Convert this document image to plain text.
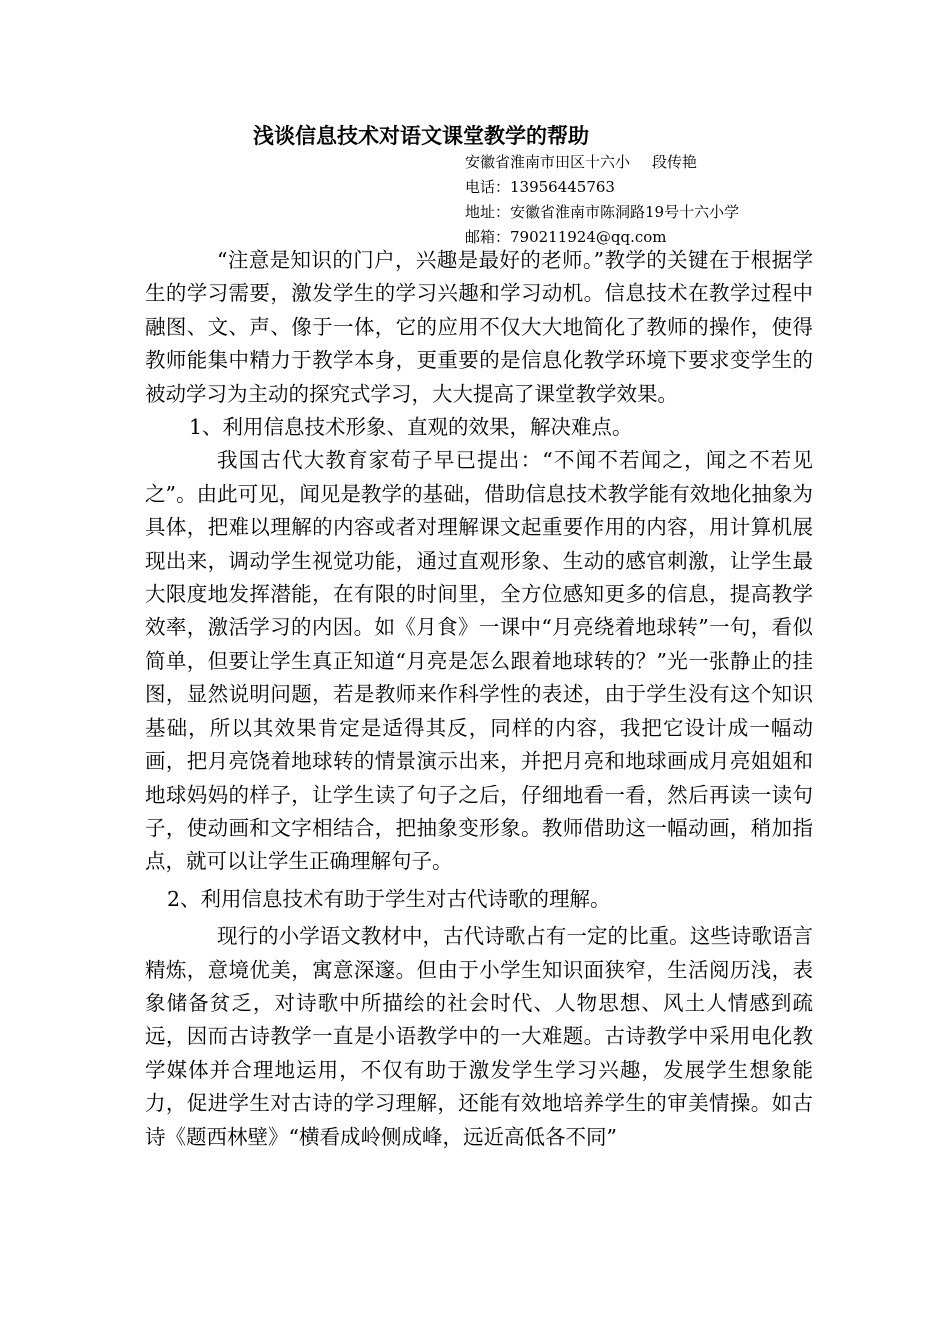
浅谈信息技术对语文课堂教学的帮助
安徽省淮南市田区十六小 段传艳
电话：13956445763
地址：安徽省淮南市陈洞路19号十六小学
邮箱：790211924@qq.com

“注意是知识的门户，兴趣是最好的老师。”教学的关键在于根据学生的学习需要，激发学生的学习兴趣和学习动机。信息技术在教学过程中融图、文、声、像于一体，它的应用不仅大大地简化了教师的操作，使得教师能集中精力于教学本身，更重要的是信息化教学环境下要求变学生的被动学习为主动的探究式学习，大大提高了课堂教学效果。

1、利用信息技术形象、直观的效果，解决难点。

我国古代大教育家荀子早已提出：“不闻不若闻之，闻之不若见之”。由此可见，闻见是教学的基础，借助信息技术教学能有效地化抽象为具体，把难以理解的内容或者对理解课文起重要作用的内容，用计算机展现出来，调动学生视觉功能，通过直观形象、生动的感官刺激，让学生最大限度地发挥潜能，在有限的时间里，全方位感知更多的信息，提高教学效率，激活学习的内因。如《月食》一课中“月亮绕着地球转”一句，看似简单，但要让学生真正知道“月亮是怎么跟着地球转的？”光一张静止的挂图，显然说明问题，若是教师来作科学性的表述，由于学生没有这个知识基础，所以其效果肯定是适得其反，同样的内容，我把它设计成一幅动画，把月亮饶着地球转的情景演示出来，并把月亮和地球画成月亮姐姐和地球妈妈的样子，让学生读了句子之后，仔细地看一看，然后再读一读句子，使动画和文字相结合，把抽象变形象。教师借助这一幅动画，稍加指点，就可以让学生正确理解句子。

2、利用信息技术有助于学生对古代诗歌的理解。

现行的小学语文教材中，古代诗歌占有一定的比重。这些诗歌语言精炼，意境优美，寓意深邃。但由于小学生知识面狭窄，生活阅历浅，表象储备贫乏，对诗歌中所描绘的社会时代、人物思想、风土人情感到疏远，因而古诗教学一直是小语教学中的一大难题。古诗教学中采用电化教学媒体并合理地运用，不仅有助于激发学生学习兴趣，发展学生想象能力，促进学生对古诗的学习理解，还能有效地培养学生的审美情操。如古诗《题西林壁》“横看成岭侧成峰，远近高低各不同”
